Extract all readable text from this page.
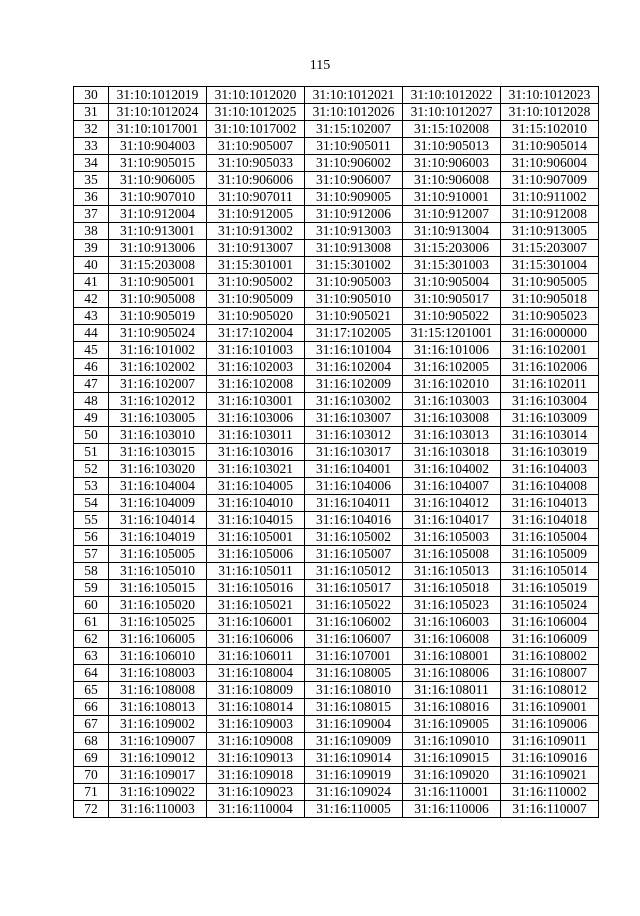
115
30	31:10:1012019	31:10:1012020	31:10:1012021	31:10:1012022	31:10:1012023
31	31:10:1012024	31:10:1012025	31:10:1012026	31:10:1012027	31:10:1012028
32	31:10:1017001	31:10:1017002	31:15:102007	31:15:102008	31:15:102010
33	31:10:904003	31:10:905007	31:10:905011	31:10:905013	31:10:905014
34	31:10:905015	31:10:905033	31:10:906002	31:10:906003	31:10:906004
35	31:10:906005	31:10:906006	31:10:906007	31:10:906008	31:10:907009
36	31:10:907010	31:10:907011	31:10:909005	31:10:910001	31:10:911002
37	31:10:912004	31:10:912005	31:10:912006	31:10:912007	31:10:912008
38	31:10:913001	31:10:913002	31:10:913003	31:10:913004	31:10:913005
39	31:10:913006	31:10:913007	31:10:913008	31:15:203006	31:15:203007
40	31:15:203008	31:15:301001	31:15:301002	31:15:301003	31:15:301004
41	31:10:905001	31:10:905002	31:10:905003	31:10:905004	31:10:905005
42	31:10:905008	31:10:905009	31:10:905010	31:10:905017	31:10:905018
43	31:10:905019	31:10:905020	31:10:905021	31:10:905022	31:10:905023
44	31:10:905024	31:17:102004	31:17:102005	31:15:1201001	31:16:000000
45	31:16:101002	31:16:101003	31:16:101004	31:16:101006	31:16:102001
46	31:16:102002	31:16:102003	31:16:102004	31:16:102005	31:16:102006
47	31:16:102007	31:16:102008	31:16:102009	31:16:102010	31:16:102011
48	31:16:102012	31:16:103001	31:16:103002	31:16:103003	31:16:103004
49	31:16:103005	31:16:103006	31:16:103007	31:16:103008	31:16:103009
50	31:16:103010	31:16:103011	31:16:103012	31:16:103013	31:16:103014
51	31:16:103015	31:16:103016	31:16:103017	31:16:103018	31:16:103019
52	31:16:103020	31:16:103021	31:16:104001	31:16:104002	31:16:104003
53	31:16:104004	31:16:104005	31:16:104006	31:16:104007	31:16:104008
54	31:16:104009	31:16:104010	31:16:104011	31:16:104012	31:16:104013
55	31:16:104014	31:16:104015	31:16:104016	31:16:104017	31:16:104018
56	31:16:104019	31:16:105001	31:16:105002	31:16:105003	31:16:105004
57	31:16:105005	31:16:105006	31:16:105007	31:16:105008	31:16:105009
58	31:16:105010	31:16:105011	31:16:105012	31:16:105013	31:16:105014
59	31:16:105015	31:16:105016	31:16:105017	31:16:105018	31:16:105019
60	31:16:105020	31:16:105021	31:16:105022	31:16:105023	31:16:105024
61	31:16:105025	31:16:106001	31:16:106002	31:16:106003	31:16:106004
62	31:16:106005	31:16:106006	31:16:106007	31:16:106008	31:16:106009
63	31:16:106010	31:16:106011	31:16:107001	31:16:108001	31:16:108002
64	31:16:108003	31:16:108004	31:16:108005	31:16:108006	31:16:108007
65	31:16:108008	31:16:108009	31:16:108010	31:16:108011	31:16:108012
66	31:16:108013	31:16:108014	31:16:108015	31:16:108016	31:16:109001
67	31:16:109002	31:16:109003	31:16:109004	31:16:109005	31:16:109006
68	31:16:109007	31:16:109008	31:16:109009	31:16:109010	31:16:109011
69	31:16:109012	31:16:109013	31:16:109014	31:16:109015	31:16:109016
70	31:16:109017	31:16:109018	31:16:109019	31:16:109020	31:16:109021
71	31:16:109022	31:16:109023	31:16:109024	31:16:110001	31:16:110002
72	31:16:110003	31:16:110004	31:16:110005	31:16:110006	31:16:110007
